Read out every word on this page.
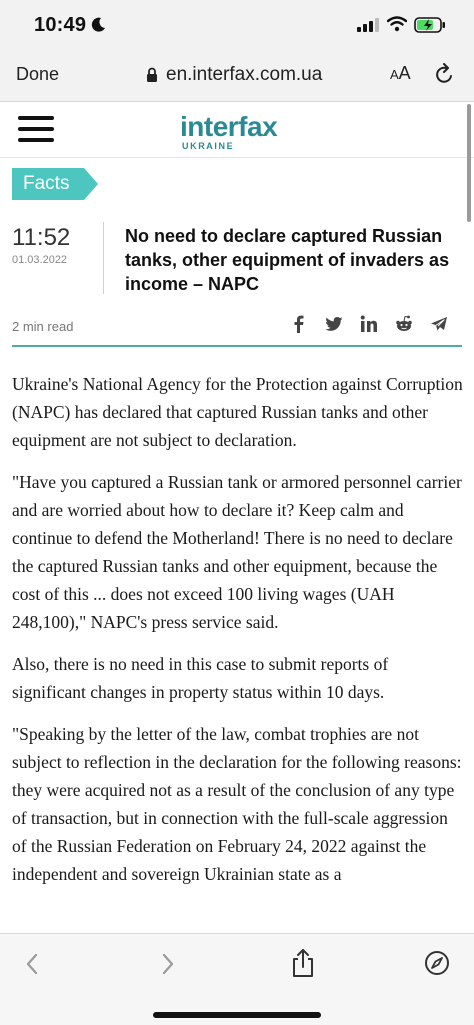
10:49
Done	en.interfax.com.ua	AA
interfax
UKRAINE
Facts
11:52
01.03.2022
No need to declare captured Russian tanks, other equipment of invaders as income – NAPC
2 min read

Ukraine's National Agency for the Protection against Corruption (NAPC) has declared that captured Russian tanks and other equipment are not subject to declaration.

"Have you captured a Russian tank or armored personnel carrier and are worried about how to declare it? Keep calm and continue to defend the Motherland! There is no need to declare the captured Russian tanks and other equipment, because the cost of this ... does not exceed 100 living wages (UAH 248,100)," NAPC's press service said.

Also, there is no need in this case to submit reports of significant changes in property status within 10 days.

"Speaking by the letter of the law, combat trophies are not subject to reflection in the declaration for the following reasons: they were acquired not as a result of the conclusion of any type of transaction, but in connection with the full-scale aggression of the Russian Federation on February 24, 2022 against the independent and sovereign Ukrainian state as a
